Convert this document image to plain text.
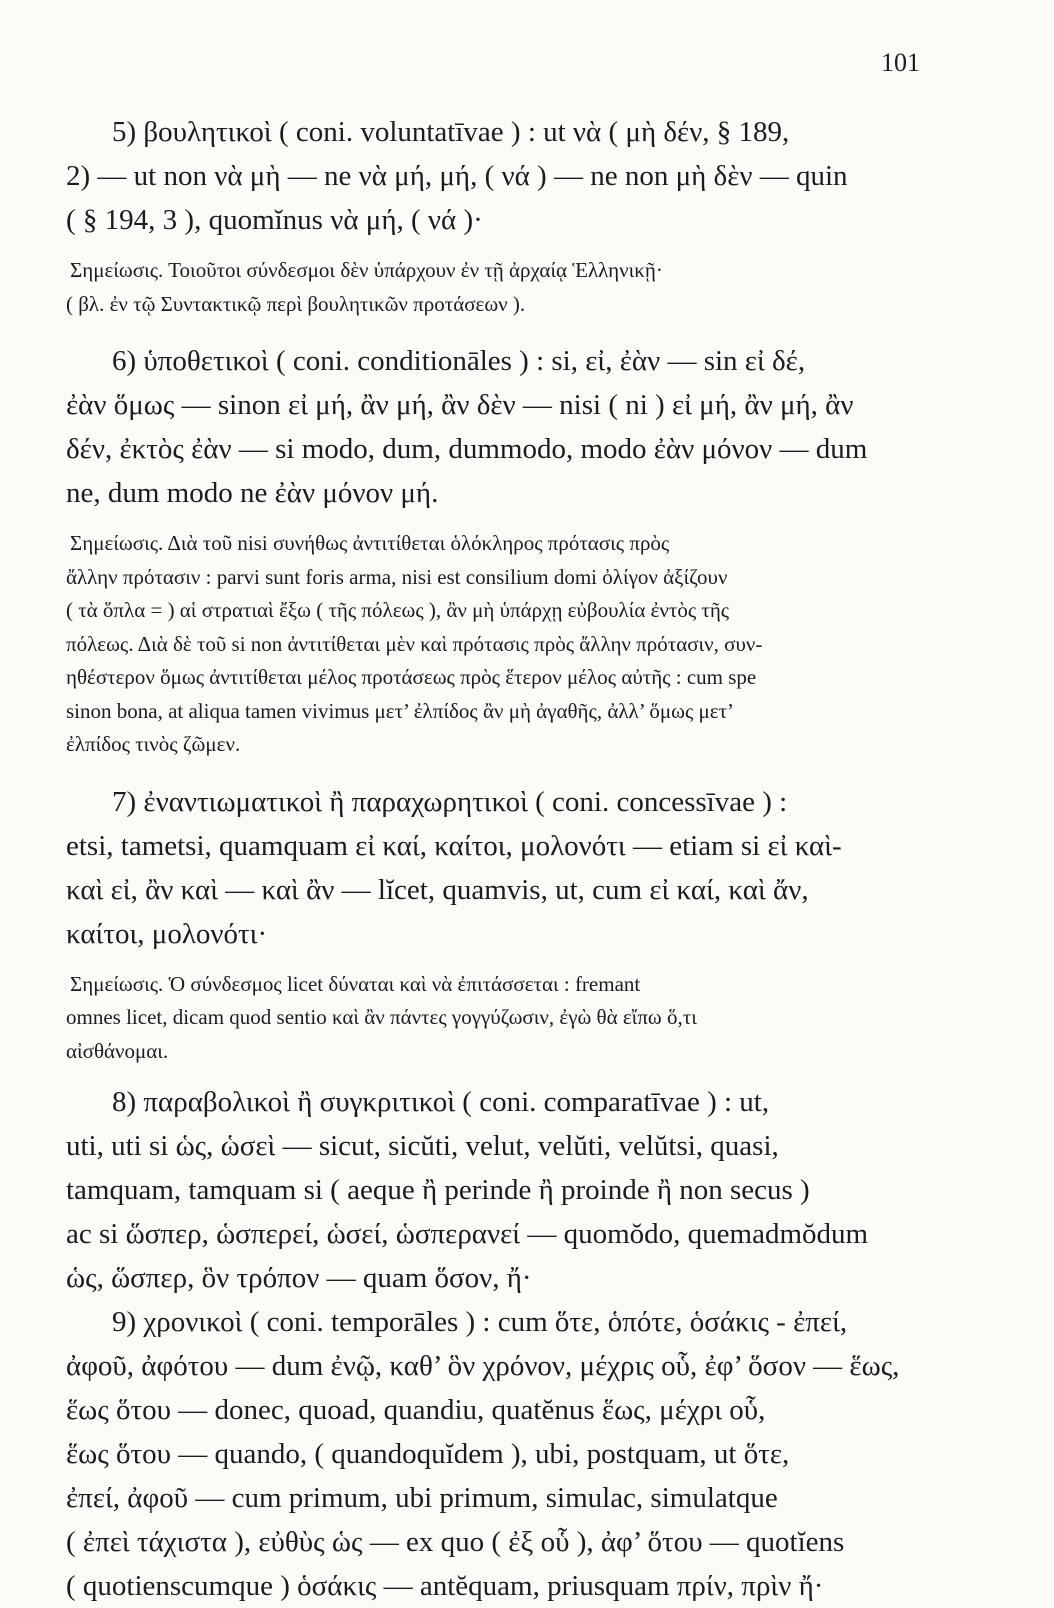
101
5) βουλητικοὶ ( coni. voluntatīvae ) : ut νὰ ( μὴ δέν, § 189,
2) — ut non νὰ μὴ — ne νὰ μή, μή, ( νά ) — ne non μὴ δὲν — quin
( § 194, 3 ), quomĭnus νὰ μή, ( νά )·
Σημείωσις. Τοιοῦτοι σύνδεσμοι δὲν ὑπάρχουν ἐν τῇ ἀρχαίᾳ Ἑλληνικῇ·
( βλ. ἐν τῷ Συντακτικῷ περὶ βουλητικῶν προτάσεων ).
6) ὑποθετικοὶ ( coni. conditionāles ) : si, εἰ, ἐὰν — sin εἰ δέ,
ἐὰν ὅμως — sinon εἰ μή, ἂν μή, ἂν δὲν — nisi ( ni ) εἰ μή, ἂν μή, ἂν
δέν, ἐκτὸς ἐὰν — si modo, dum, dummodo, modo ἐὰν μόνον — dum
ne, dum modo ne ἐὰν μόνον μή.
Σημείωσις. Διὰ τοῦ nisi συνήθως ἀντιτίθεται ὁλόκληρος πρότασις πρὸς
ἄλλην πρότασιν : parvi sunt foris arma, nisi est consilium domi ὀλίγον ἀξίζουν
( τὰ ὅπλα = ) αἱ στρατιαὶ ἔξω ( τῆς πόλεως ), ἂν μὴ ὑπάρχῃ εὐβουλία ἐντὸς τῆς
πόλεως. Διὰ δὲ τοῦ si non ἀντιτίθεται μὲν καὶ πρότασις πρὸς ἄλλην πρότασιν, συν-
ηθέστερον ὅμως ἀντιτίθεται μέλος προτάσεως πρὸς ἕτερον μέλος αὐτῆς : cum spe
sinon bona, at aliqua tamen vivimus μετ’ ἐλπίδος ἂν μὴ ἀγαθῆς, ἀλλ’ ὅμως μετ’
ἐλπίδος τινὸς ζῶμεν.
7) ἐναντιωματικοὶ ἢ παραχωρητικοὶ ( coni. concessīvae ) :
etsi, tametsi, quamquam εἰ καί, καίτοι, μολονότι — etiam si εἰ καὶ-
καὶ εἰ, ἂν καὶ — καὶ ἂν — lĭcet, quamvis, ut, cum εἰ καί, καὶ ἄν,
καίτοι, μολονότι·
Σημείωσις. Ὁ σύνδεσμος licet δύναται καὶ νὰ ἐπιτάσσεται : fremant
omnes licet, dicam quod sentio καὶ ἂν πάντες γογγύζωσιν, ἐγὼ θὰ εἴπω ὅ,τι
αἰσθάνομαι.
8) παραβολικοὶ ἢ συγκριτικοὶ ( coni. comparatīvae ) : ut,
uti, uti si ὡς, ὡσεὶ — sicut, sicŭti, velut, velŭti, velŭtsi, quasi,
tamquam, tamquam si ( aeque ἢ perinde ἢ proinde ἢ non secus )
ac si ὥσπερ, ὡσπερεί, ὡσεί, ὡσπερανεί — quomŏdo, quemadmŏdum
ὡς, ὥσπερ, ὃν τρόπον — quam ὅσον, ἤ·
9) χρονικοὶ ( coni. temporāles ) : cum ὅτε, ὁπότε, ὁσάκις - ἐπεί,
ἀφοῦ, ἀφότου — dum ἐνῷ, καθ’ ὃν χρόνον, μέχρις οὗ, ἐφ’ ὅσον — ἕως,
ἕως ὅτου — donec, quoad, quandiu, quatĕnus ἕως, μέχρι οὗ,
ἕως ὅτου — quando, ( quandoquĭdem ), ubi, postquam, ut ὅτε,
ἐπεί, ἀφοῦ — cum primum, ubi primum, simulac, simulatque
( ἐπεὶ τάχιστα ), εὐθὺς ὡς — ex quo ( ἐξ οὗ ), ἀφ’ ὅτου — quotĭens
( quotienscumque ) ὁσάκις — antĕquam, priusquam πρίν, πρὶν ἤ·
